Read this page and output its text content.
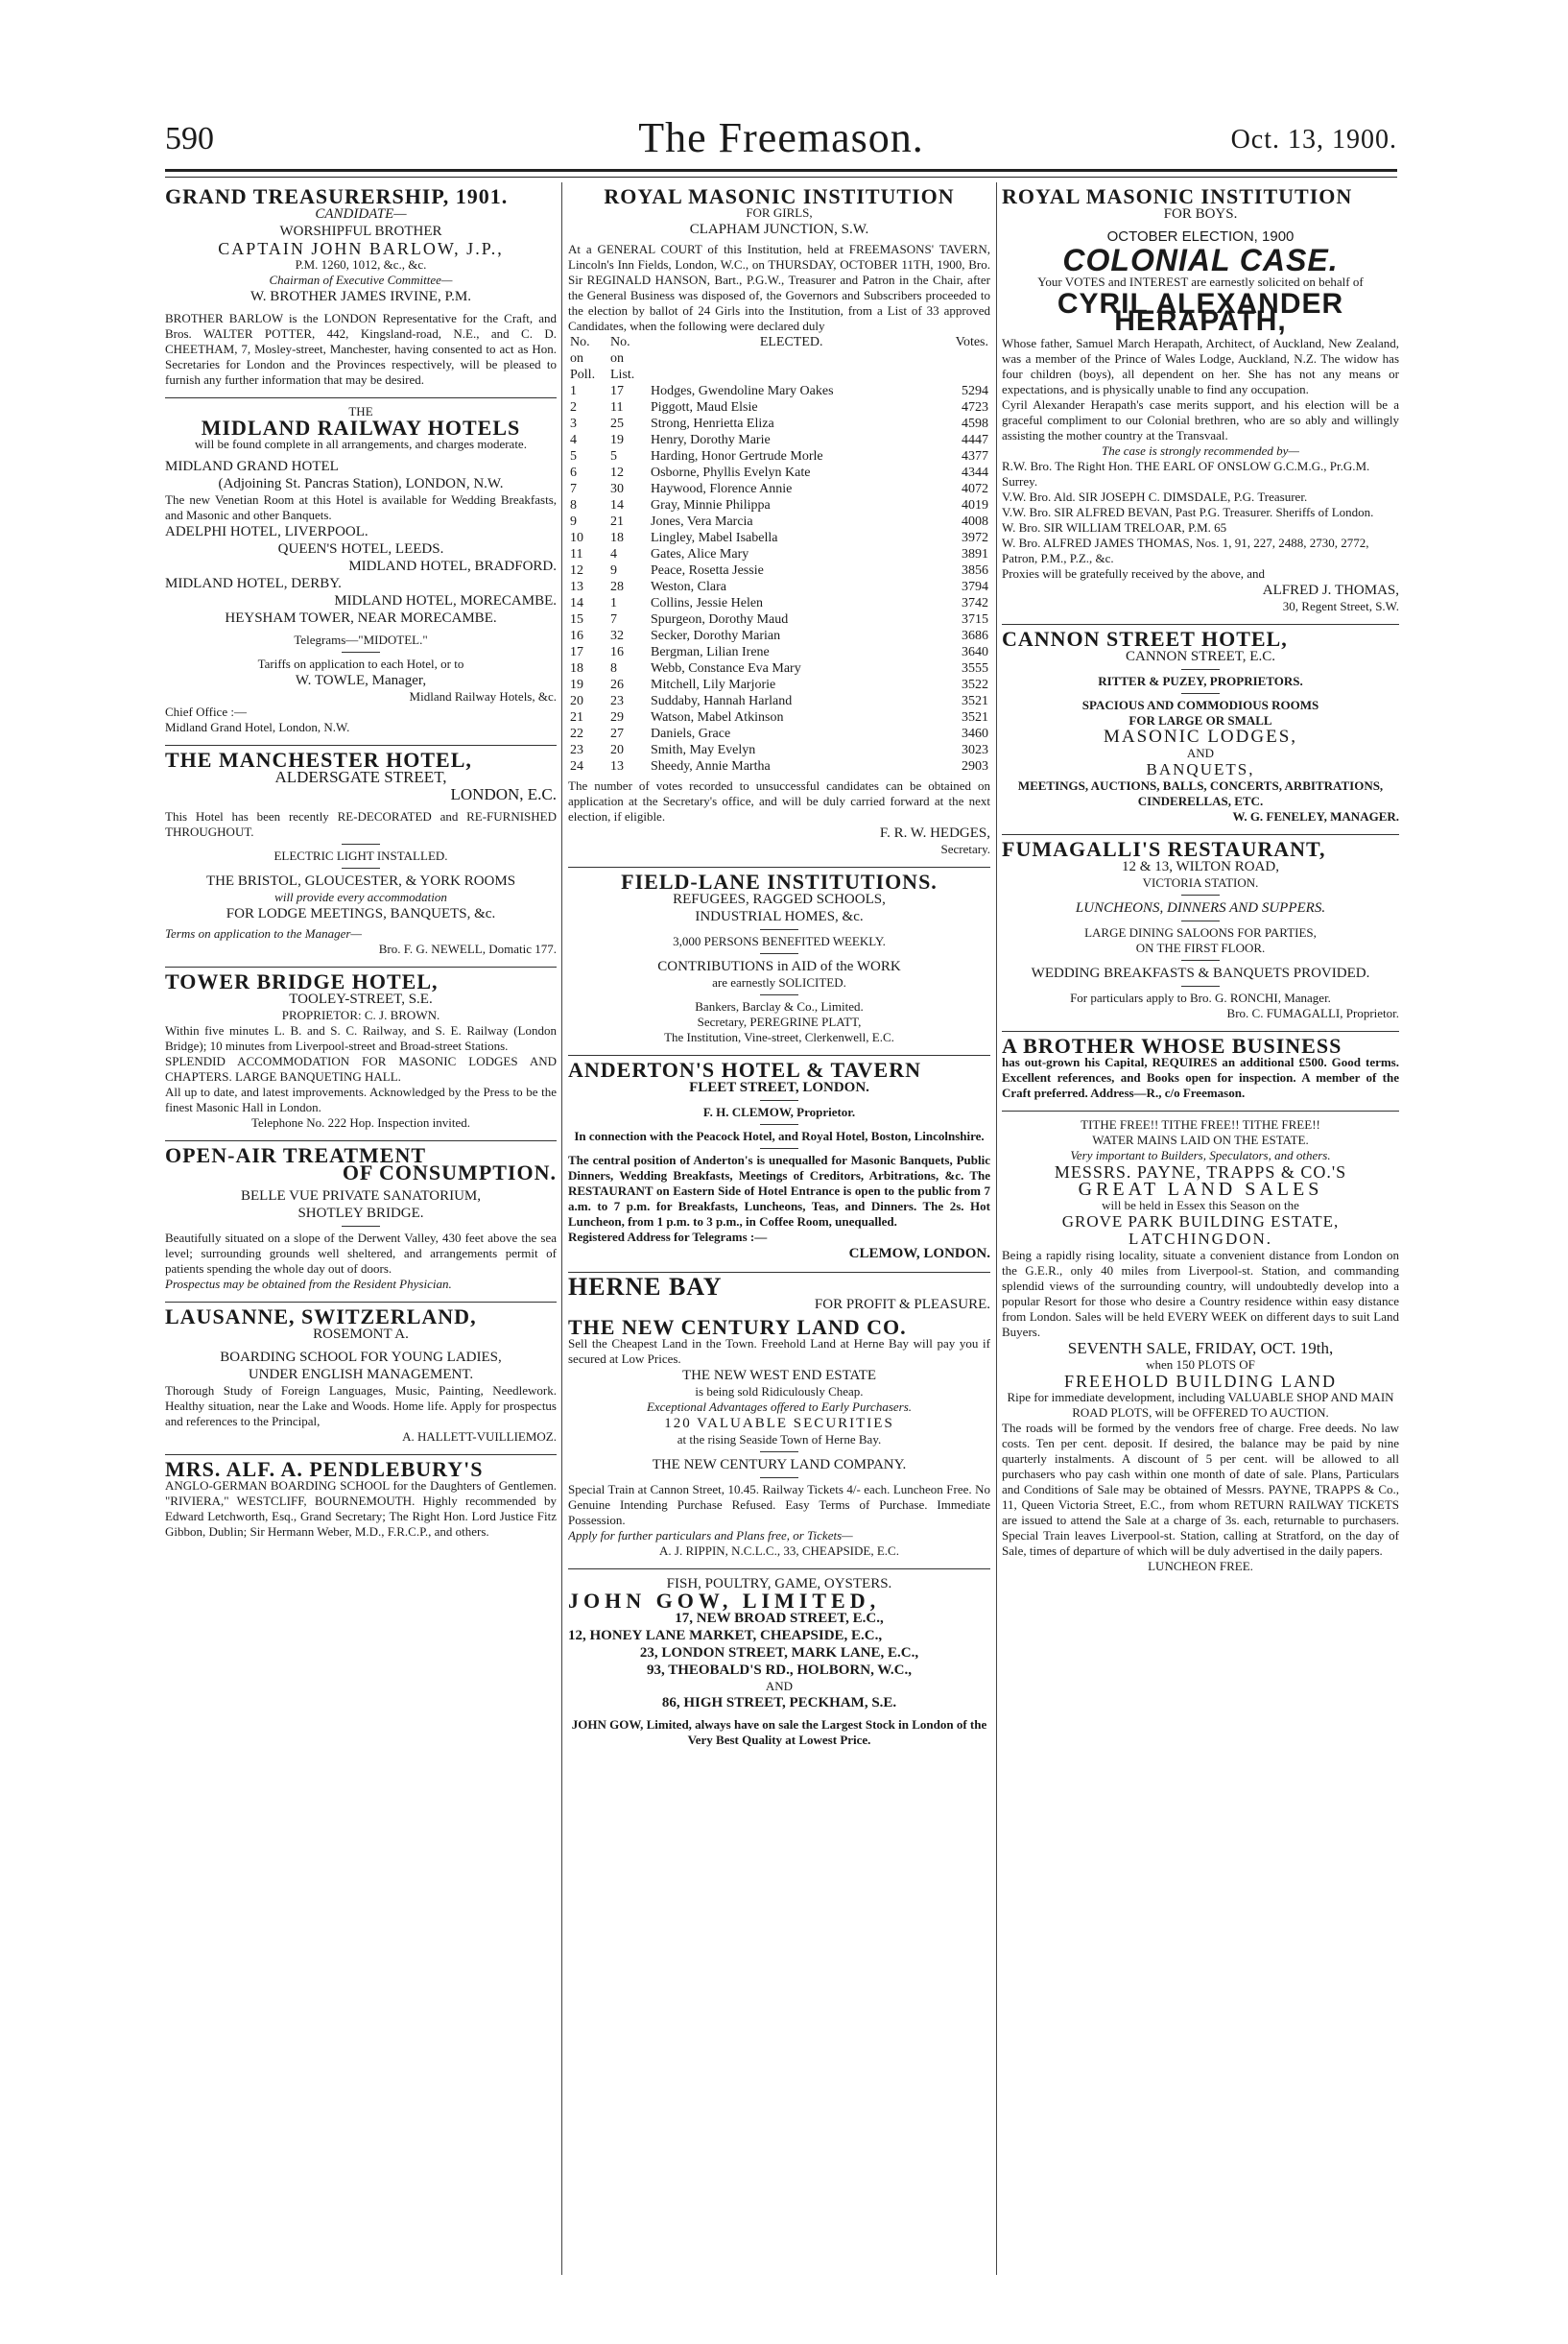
590	The Freemason.	Oct. 13, 1900.
GRAND TREASURERSHIP, 1901.
CANDIDATE—
WORSHIPFUL BROTHER
CAPTAIN JOHN BARLOW, J.P.,
P.M. 1260, 1012, &c., &c.
Chairman of Executive Committee—
W. BROTHER JAMES IRVINE, P.M.
BROTHER BARLOW is the LONDON Representative for the Craft, and Bros. WALTER POTTER, 442, Kingsland-road, N.E., and C. D. CHEETHAM, 7, Mosley-street, Manchester, having consented to act as Hon. Secretaries for London and the Provinces respectively, will be pleased to furnish any further information that may be desired.
THE
MIDLAND RAILWAY HOTELS
will be found complete in all arrangements, and charges moderate.
MIDLAND GRAND HOTEL
(Adjoining St. Pancras Station), LONDON, N.W.
The new Venetian Room at this Hotel is available for Wedding Breakfasts, and Masonic and other Banquets.
ADELPHI HOTEL, LIVERPOOL.
QUEEN'S HOTEL, LEEDS.
MIDLAND HOTEL, BRADFORD.
MIDLAND HOTEL, DERBY.
MIDLAND HOTEL, MORECAMBE.
HEYSHAM TOWER, NEAR MORECAMBE.
Telegrams—"MIDOTEL."
Tariffs on application to each Hotel, or to
W. TOWLE, Manager,
Midland Railway Hotels, &c.
Chief Office :—
Midland Grand Hotel, London, N.W.
THE MANCHESTER HOTEL,
ALDERSGATE STREET,
LONDON, E.C.
This Hotel has been recently RE-DECORATED and RE-FURNISHED THROUGHOUT.
ELECTRIC LIGHT INSTALLED.
THE BRISTOL, GLOUCESTER, & YORK ROOMS
will provide every accommodation
FOR LODGE MEETINGS, BANQUETS, &c.
Terms on application to the Manager—
Bro. F. G. NEWELL, Domatic 177.
TOWER BRIDGE HOTEL,
TOOLEY-STREET, S.E.
PROPRIETOR: C. J. BROWN.
Within five minutes L. B. and S. C. Railway, and S. E. Railway (London Bridge); 10 minutes from Liverpool-street and Broad-street Stations.
SPLENDID ACCOMMODATION FOR MASONIC LODGES AND CHAPTERS. LARGE BANQUETING HALL.
All up to date, and latest improvements. Acknowledged by the Press to be the finest Masonic Hall in London.
Telephone No. 222 Hop. Inspection invited.
OPEN-AIR TREATMENT
OF CONSUMPTION.
BELLE VUE PRIVATE SANATORIUM,
SHOTLEY BRIDGE.
Beautifully situated on a slope of the Derwent Valley, 430 feet above the sea level; surrounding grounds well sheltered, and arrangements permit of patients spending the whole day out of doors.
Prospectus may be obtained from the Resident Physician.
LAUSANNE, SWITZERLAND,
ROSEMONT A.
BOARDING SCHOOL FOR YOUNG LADIES,
UNDER ENGLISH MANAGEMENT.
Thorough Study of Foreign Languages, Music, Painting, Needlework. Healthy situation, near the Lake and Woods. Home life. Apply for prospectus and references to the Principal,
A. HALLETT-VUILLIEMOZ.
MRS. ALF. A. PENDLEBURY'S
ANGLO-GERMAN BOARDING SCHOOL for the Daughters of Gentlemen. "RIVIERA," WESTCLIFF, BOURNEMOUTH. Highly recommended by Edward Letchworth, Esq., Grand Secretary; The Right Hon. Lord Justice Fitz Gibbon, Dublin; Sir Hermann Weber, M.D., F.R.C.P., and others.
ROYAL MASONIC INSTITUTION
FOR GIRLS,
CLAPHAM JUNCTION, S.W.
At a GENERAL COURT of this Institution, held at FREEMASONS' TAVERN, Lincoln's Inn Fields, London, W.C., on THURSDAY, OCTOBER 11TH, 1900, Bro. Sir REGINALD HANSON, Bart., P.G.W., Treasurer and Patron in the Chair, after the General Business was disposed of, the Governors and Subscribers proceeded to the election by ballot of 24 Girls into the Institution, from a List of 33 approved Candidates, when the following were declared duly
No. on	No. on	ELECTED.	Votes.
Poll.	List.		
1	17	Hodges, Gwendoline Mary Oakes	5294
2	11	Piggott, Maud Elsie	4723
3	25	Strong, Henrietta Eliza	4598
4	19	Henry, Dorothy Marie	4447
5	5	Harding, Honor Gertrude Morle	4377
6	12	Osborne, Phyllis Evelyn Kate	4344
7	30	Haywood, Florence Annie	4072
8	14	Gray, Minnie Philippa	4019
9	21	Jones, Vera Marcia	4008
10	18	Lingley, Mabel Isabella	3972
11	4	Gates, Alice Mary	3891
12	9	Peace, Rosetta Jessie	3856
13	28	Weston, Clara	3794
14	1	Collins, Jessie Helen	3742
15	7	Spurgeon, Dorothy Maud	3715
16	32	Secker, Dorothy Marian	3686
17	16	Bergman, Lilian Irene	3640
18	8	Webb, Constance Eva Mary	3555
19	26	Mitchell, Lily Marjorie	3522
20	23	Suddaby, Hannah Harland	3521
21	29	Watson, Mabel Atkinson	3521
22	27	Daniels, Grace	3460
23	20	Smith, May Evelyn	3023
24	13	Sheedy, Annie Martha	2903
The number of votes recorded to unsuccessful candidates can be obtained on application at the Secretary's office, and will be duly carried forward at the next election, if eligible.
F. R. W. HEDGES,
Secretary.
FIELD-LANE INSTITUTIONS.
REFUGEES, RAGGED SCHOOLS,
INDUSTRIAL HOMES, &c.
3,000 PERSONS BENEFITED WEEKLY.
CONTRIBUTIONS in AID of the WORK
are earnestly SOLICITED.
Bankers, Barclay & Co., Limited.
Secretary, PEREGRINE PLATT,
The Institution, Vine-street, Clerkenwell, E.C.
ANDERTON'S HOTEL & TAVERN
FLEET STREET, LONDON.
F. H. CLEMOW, Proprietor.
In connection with the Peacock Hotel, and Royal Hotel, Boston, Lincolnshire.
The central position of Anderton's is unequalled for Masonic Banquets, Public Dinners, Wedding Breakfasts, Meetings of Creditors, Arbitrations, &c. The RESTAURANT on Eastern Side of Hotel Entrance is open to the public from 7 a.m. to 7 p.m. for Breakfasts, Luncheons, Teas, and Dinners. The 2s. Hot Luncheon, from 1 p.m. to 3 p.m., in Coffee Room, unequalled.
Registered Address for Telegrams :—
CLEMOW, LONDON.
HERNE BAY
FOR PROFIT & PLEASURE.
THE NEW CENTURY LAND CO.
Sell the Cheapest Land in the Town. Freehold Land at Herne Bay will pay you if secured at Low Prices.
THE NEW WEST END ESTATE
is being sold Ridiculously Cheap.
Exceptional Advantages offered to Early Purchasers.
120 VALUABLE SECURITIES
at the rising Seaside Town of Herne Bay.
THE NEW CENTURY LAND COMPANY.
Special Train at Cannon Street, 10.45. Railway Tickets 4/- each. Luncheon Free. No Genuine Intending Purchase Refused. Easy Terms of Purchase. Immediate Possession.
Apply for further particulars and Plans free, or Tickets—
A. J. RIPPIN, N.C.L.C., 33, CHEAPSIDE, E.C.
FISH, POULTRY, GAME, OYSTERS.
JOHN GOW, LIMITED,
17, NEW BROAD STREET, E.C.,
12, HONEY LANE MARKET, CHEAPSIDE, E.C.,
23, LONDON STREET, MARK LANE, E.C.,
93, THEOBALD'S RD., HOLBORN, W.C.,
AND
86, HIGH STREET, PECKHAM, S.E.
JOHN GOW, Limited, always have on sale the Largest Stock in London of the Very Best Quality at Lowest Price.
ROYAL MASONIC INSTITUTION
FOR BOYS.
OCTOBER ELECTION, 1900
COLONIAL CASE.
Your VOTES and INTEREST are earnestly solicited on behalf of
CYRIL ALEXANDER HERAPATH,
Whose father, Samuel March Herapath, Architect, of Auckland, New Zealand, was a member of the Prince of Wales Lodge, Auckland, N.Z. The widow has four children (boys), all dependent on her. She has not any means or expectations, and is physically unable to find any occupation.
Cyril Alexander Herapath's case merits support, and his election will be a graceful compliment to our Colonial brethren, who are so ably and willingly assisting the mother country at the Transvaal.
The case is strongly recommended by—
R.W. Bro. The Right Hon. THE EARL OF ONSLOW G.C.M.G., Pr.G.M. Surrey.
V.W. Bro. Ald. SIR JOSEPH C. DIMSDALE, P.G. Treasurer.
V.W. Bro. SIR ALFRED BEVAN, Past P.G. Treasurer. Sheriffs of London.
W. Bro. SIR WILLIAM TRELOAR, P.M. 65
W. Bro. ALFRED JAMES THOMAS, Nos. 1, 91, 227, 2488, 2730, 2772, Patron, P.M., P.Z., &c.
Proxies will be gratefully received by the above, and
ALFRED J. THOMAS,
30, Regent Street, S.W.
CANNON STREET HOTEL,
CANNON STREET, E.C.
RITTER & PUZEY, PROPRIETORS.
SPACIOUS AND COMMODIOUS ROOMS
FOR LARGE OR SMALL
MASONIC LODGES,
AND
BANQUETS,
MEETINGS, AUCTIONS, BALLS, CONCERTS, ARBITRATIONS, CINDERELLAS, ETC.
W. G. FENELEY, MANAGER.
FUMAGALLI'S RESTAURANT,
12 & 13, WILTON ROAD,
VICTORIA STATION.
LUNCHEONS, DINNERS AND SUPPERS.
LARGE DINING SALOONS FOR PARTIES,
ON THE FIRST FLOOR.
WEDDING BREAKFASTS & BANQUETS PROVIDED.
For particulars apply to Bro. G. RONCHI, Manager.
Bro. C. FUMAGALLI, Proprietor.
A BROTHER WHOSE BUSINESS
has out-grown his Capital, REQUIRES an additional £500. Good terms. Excellent references, and Books open for inspection. A member of the Craft preferred. Address—R., c/o Freemason.
TITHE FREE!! TITHE FREE!! TITHE FREE!!
WATER MAINS LAID ON THE ESTATE.
Very important to Builders, Speculators, and others.
MESSRS. PAYNE, TRAPPS & CO.'S
GREAT LAND SALES
will be held in Essex this Season on the
GROVE PARK BUILDING ESTATE,
LATCHINGDON.
Being a rapidly rising locality, situate a convenient distance from London on the G.E.R., only 40 miles from Liverpool-st. Station, and commanding splendid views of the surrounding country, will undoubtedly develop into a popular Resort for those who desire a Country residence within easy distance from London. Sales will be held EVERY WEEK on different days to suit Land Buyers.
SEVENTH SALE, FRIDAY, OCT. 19th,
when 150 PLOTS OF
FREEHOLD BUILDING LAND
Ripe for immediate development, including VALUABLE SHOP AND MAIN ROAD PLOTS, will be OFFERED TO AUCTION.
The roads will be formed by the vendors free of charge. Free deeds. No law costs. Ten per cent. deposit. If desired, the balance may be paid by nine quarterly instalments. A discount of 5 per cent. will be allowed to all purchasers who pay cash within one month of date of sale. Plans, Particulars and Conditions of Sale may be obtained of Messrs. PAYNE, TRAPPS & Co., 11, Queen Victoria Street, E.C., from whom RETURN RAILWAY TICKETS are issued to attend the Sale at a charge of 3s. each, returnable to purchasers. Special Train leaves Liverpool-st. Station, calling at Stratford, on the day of Sale, times of departure of which will be duly advertised in the daily papers.
LUNCHEON FREE.
